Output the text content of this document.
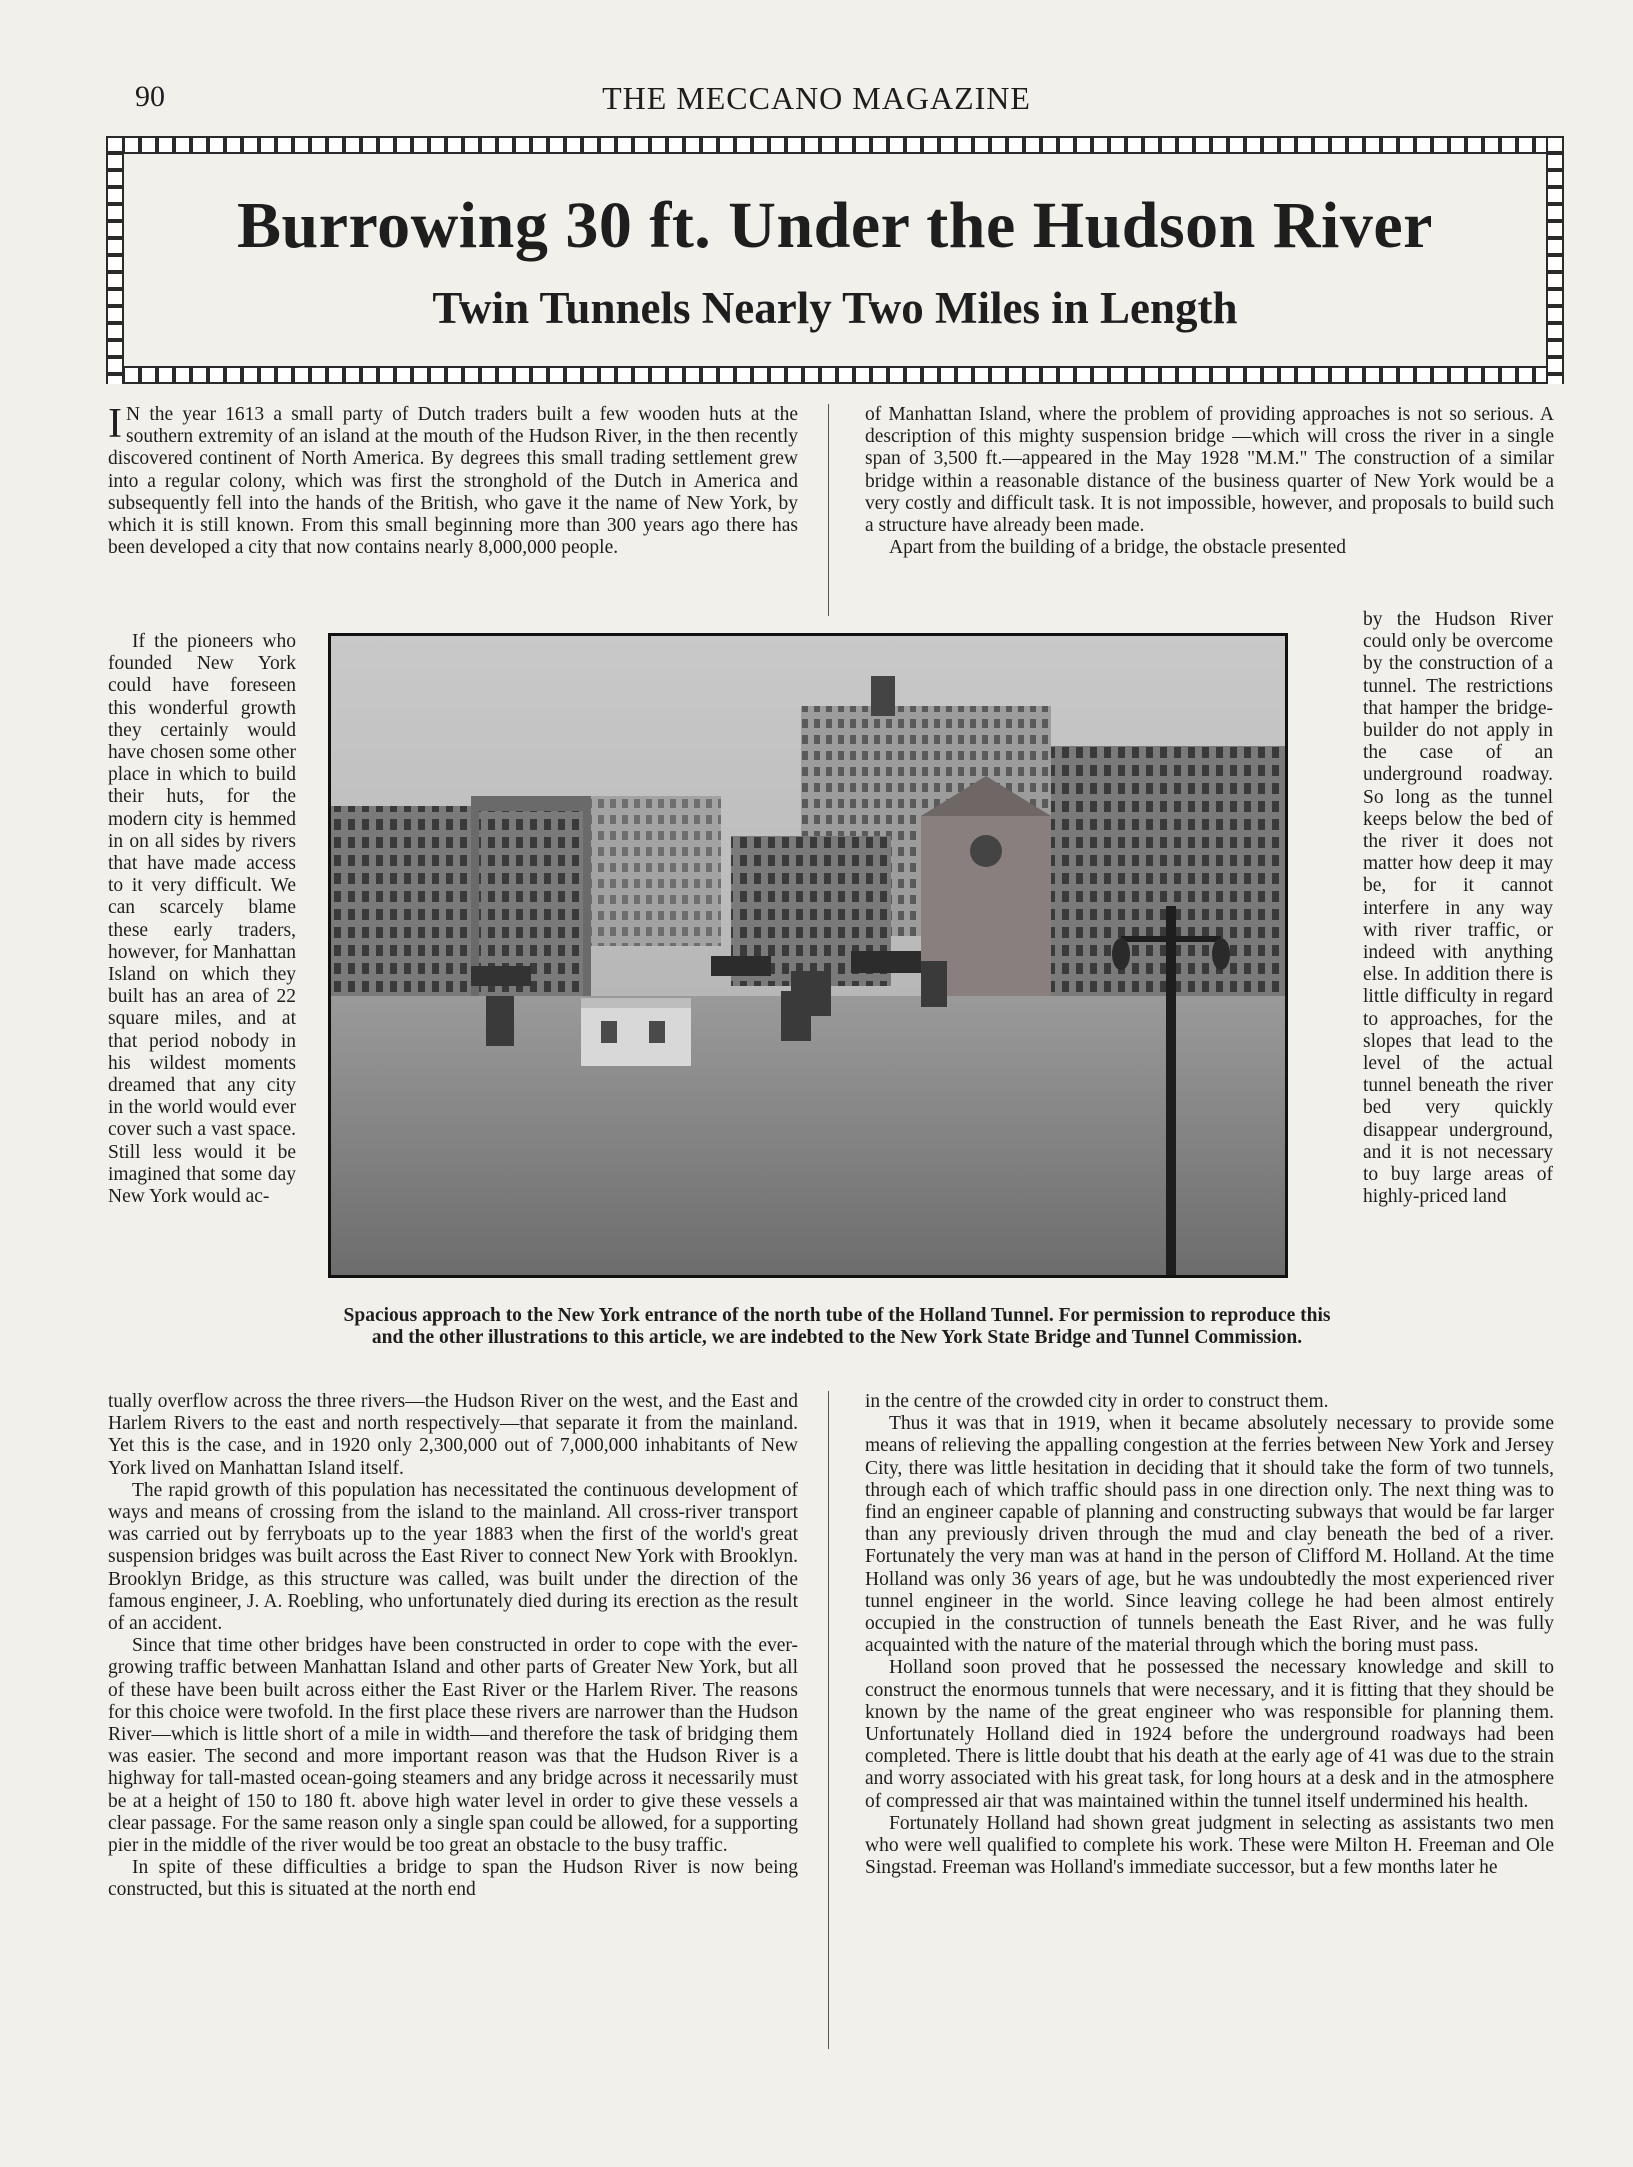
90	THE MECCANO MAGAZINE
Burrowing 30 ft. Under the Hudson River
Twin Tunnels Nearly Two Miles in Length

I N the year 1613 a small party of Dutch traders built a few wooden huts at the southern extremity of an island at the mouth of the Hudson River, in the then recently discovered continent of North America. By degrees this small trading settlement grew into a regular colony, which was first the stronghold of the Dutch in America and subsequently fell into the hands of the British, who gave it the name of New York, by which it is still known. From this small beginning more than 300 years ago there has been developed a city that now contains nearly 8,000,000 people.

If the pioneers who founded New York could have foreseen this wonderful growth they certainly would have chosen some other place in which to build their huts, for the modern city is hemmed in on all sides by rivers that have made access to it very difficult. We can scarcely blame these early traders, however, for Manhattan Island on which they built has an area of 22 square miles, and at that period nobody in his wildest moments dreamed that any city in the world would ever cover such a vast space. Still less would it be imagined that some day New York would ac-

tually overflow across the three rivers—the Hudson River on the west, and the East and Harlem Rivers to the east and north respectively—that separate it from the mainland. Yet this is the case, and in 1920 only 2,300,000 out of 7,000,000 inhabitants of New York lived on Manhattan Island itself.

The rapid growth of this population has necessitated the continuous development of ways and means of crossing from the island to the mainland. All cross-river transport was carried out by ferryboats up to the year 1883 when the first of the world's great suspension bridges was built across the East River to connect New York with Brooklyn. Brooklyn Bridge, as this structure was called, was built under the direction of the famous engineer, J. A. Roebling, who unfortunately died during its erection as the result of an accident.

Since that time other bridges have been constructed in order to cope with the ever-growing traffic between Manhattan Island and other parts of Greater New York, but all of these have been built across either the East River or the Harlem River. The reasons for this choice were twofold. In the first place these rivers are narrower than the Hudson River—which is little short of a mile in width—and therefore the task of bridging them was easier. The second and more important reason was that the Hudson River is a highway for tall-masted ocean-going steamers and any bridge across it necessarily must be at a height of 150 to 180 ft. above high water level in order to give these vessels a clear passage. For the same reason only a single span could be allowed, for a supporting pier in the middle of the river would be too great an obstacle to the busy traffic.

In spite of these difficulties a bridge to span the Hudson River is now being constructed, but this is situated at the north end

of Manhattan Island, where the problem of providing approaches is not so serious. A description of this mighty suspension bridge —which will cross the river in a single span of 3,500 ft.—appeared in the May 1928 "M.M." The construction of a similar bridge within a reasonable distance of the business quarter of New York would be a very costly and difficult task. It is not impossible, however, and proposals to build such a structure have already been made.

Apart from the building of a bridge, the obstacle presented

by the Hudson River could only be overcome by the construction of a tunnel. The restrictions that hamper the bridge-builder do not apply in the case of an underground roadway. So long as the tunnel keeps below the bed of the river it does not matter how deep it may be, for it cannot interfere in any way with river traffic, or indeed with anything else. In addition there is little difficulty in regard to approaches, for the slopes that lead to the level of the actual tunnel beneath the river bed very quickly disappear underground, and it is not necessary to buy large areas of highly-priced land

in the centre of the crowded city in order to construct them.

Thus it was that in 1919, when it became absolutely necessary to provide some means of relieving the appalling congestion at the ferries between New York and Jersey City, there was little hesitation in deciding that it should take the form of two tunnels, through each of which traffic should pass in one direction only. The next thing was to find an engineer capable of planning and constructing subways that would be far larger than any previously driven through the mud and clay beneath the bed of a river. Fortunately the very man was at hand in the person of Clifford M. Holland. At the time Holland was only 36 years of age, but he was undoubtedly the most experienced river tunnel engineer in the world. Since leaving college he had been almost entirely occupied in the construction of tunnels beneath the East River, and he was fully acquainted with the nature of the material through which the boring must pass.

Holland soon proved that he possessed the necessary knowledge and skill to construct the enormous tunnels that were necessary, and it is fitting that they should be known by the name of the great engineer who was responsible for planning them. Unfortunately Holland died in 1924 before the underground roadways had been completed. There is little doubt that his death at the early age of 41 was due to the strain and worry associated with his great task, for long hours at a desk and in the atmosphere of compressed air that was maintained within the tunnel itself undermined his health.

Fortunately Holland had shown great judgment in selecting as assistants two men who were well qualified to complete his work. These were Milton H. Freeman and Ole Singstad. Freeman was Holland's immediate successor, but a few months later he

Spacious approach to the New York entrance of the north tube of the Holland Tunnel. For permission to reproduce this and the other illustrations to this article, we are indebted to the New York State Bridge and Tunnel Commission.
